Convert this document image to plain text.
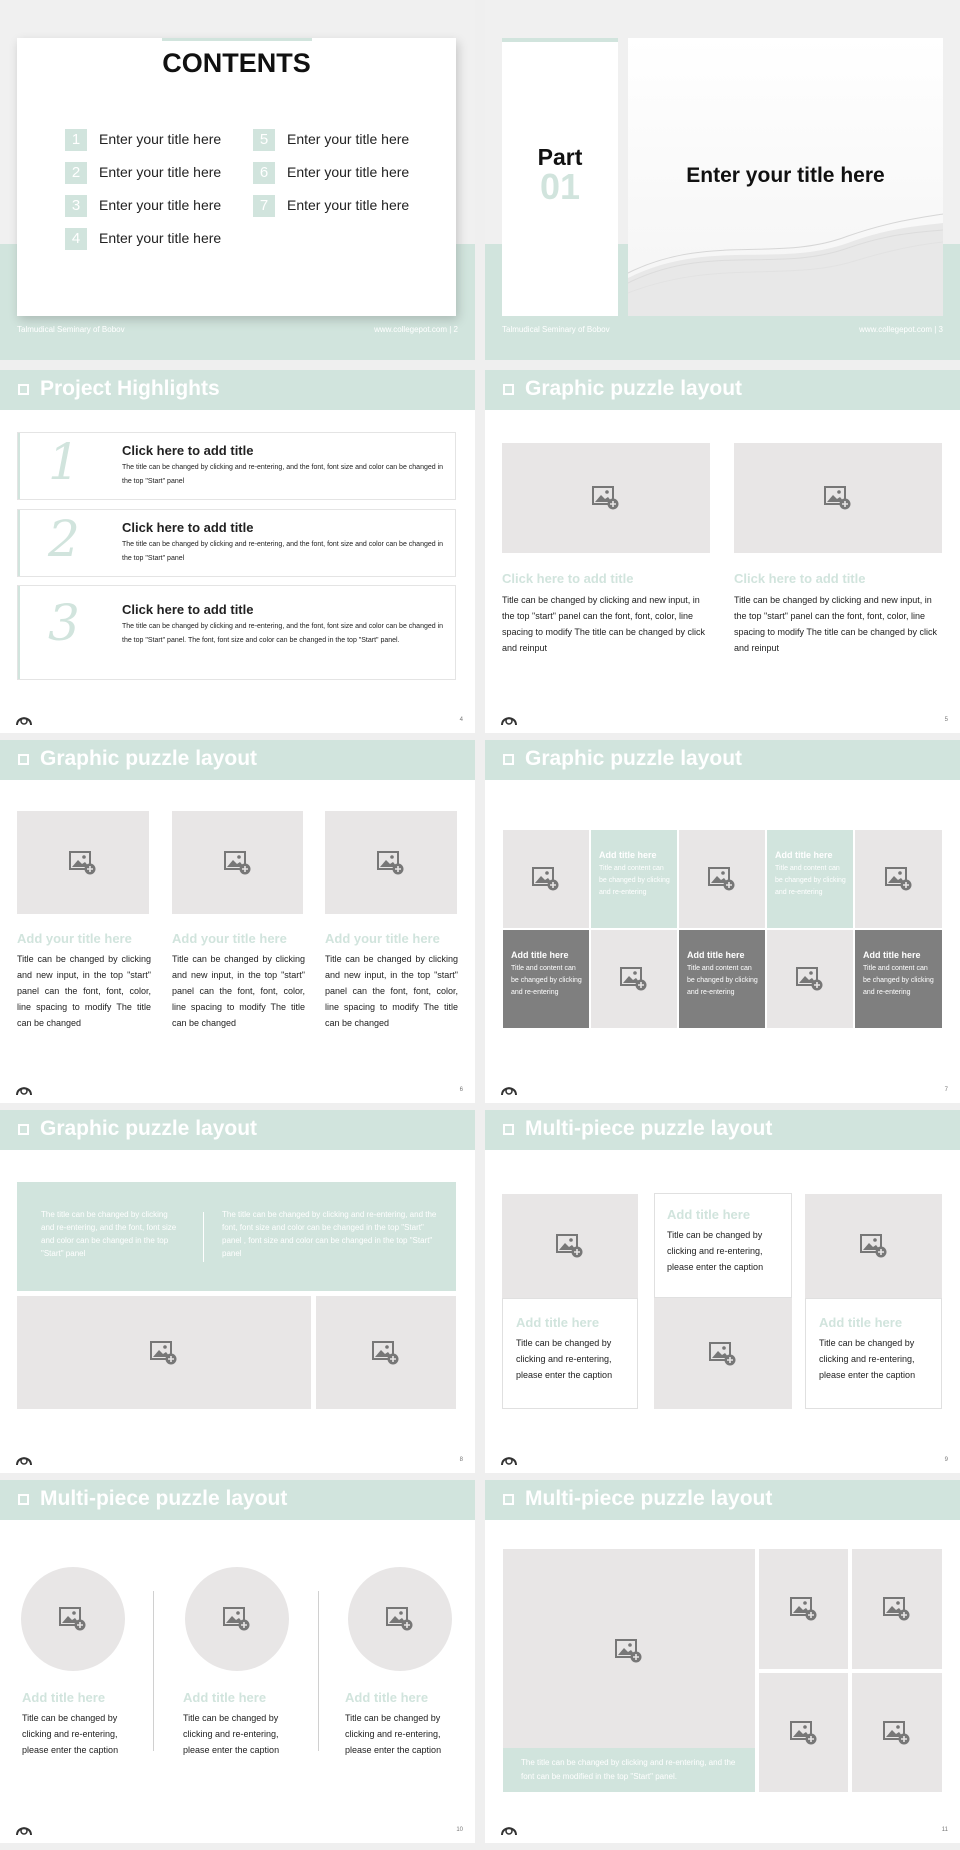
CONTENTS
1	Enter your title here
2	Enter your title here
3	Enter your title here
4	Enter your title here
5	Enter your title here
6	Enter your title here
7	Enter your title here
Talmudical Seminary of Bobov	www.collegepot.com | 2
Part
01	Enter your title here
Talmudical Seminary of Bobov	www.collegepot.com | 3
Project Highlights
1	Click here to add title
The title can be changed by clicking and re-entering, and the font, font size and color can be changed in the top "Start" panel
2	Click here to add title
The title can be changed by clicking and re-entering, and the font, font size and color can be changed in the top "Start" panel
3	Click here to add title
The title can be changed by clicking and re-entering, and the font, font size and color can be changed in the top "Start" panel. The font, font size and color can be changed in the top "Start" panel.
4
Graphic puzzle layout
Click here to add title
Title can be changed by clicking and new input, in the top "start" panel can the font, font, color, line spacing to modify The title can be changed by click and reinput
Click here to add title
Title can be changed by clicking and new input, in the top "start" panel can the font, font, color, line spacing to modify The title can be changed by click and reinput
5
Graphic puzzle layout
Add your title here
Title can be changed by clicking and new input, in the top "start" panel can the font, font, color, line spacing to modify The title can be changed
Add your title here
Title can be changed by clicking and new input, in the top "start" panel can the font, font, color, line spacing to modify The title can be changed
Add your title here
Title can be changed by clicking and new input, in the top "start" panel can the font, font, color, line spacing to modify The title can be changed
6
Graphic puzzle layout
Add title here
Title and content can be changed by clicking and re-entering
Add title here
Title and content can be changed by clicking and re-entering
Add title here
Title and content can be changed by clicking and re-entering
Add title here
Title and content can be changed by clicking and re-entering
Add title here
Title and content can be changed by clicking and re-entering
7
Graphic puzzle layout
The title can be changed by clicking and re-entering, and the font, font size and color can be changed in the top "Start" panel
The title can be changed by clicking and re-entering, and the font, font size and color can be changed in the top "Start" panel , font size and color can be changed in the top "Start" panel
8
Multi-piece puzzle layout
Add title here
Title can be changed by clicking and re-entering, please enter the caption
Add title here
Title can be changed by clicking and re-entering, please enter the caption
Add title here
Title can be changed by clicking and re-entering, please enter the caption
9
Multi-piece puzzle layout
Add title here
Title can be changed by clicking and re-entering, please enter the caption
Add title here
Title can be changed by clicking and re-entering, please enter the caption
Add title here
Title can be changed by clicking and re-entering, please enter the caption
10
Multi-piece puzzle layout
The title can be changed by clicking and re-entering, and the font can be modified in the top "Start" panel.
11
